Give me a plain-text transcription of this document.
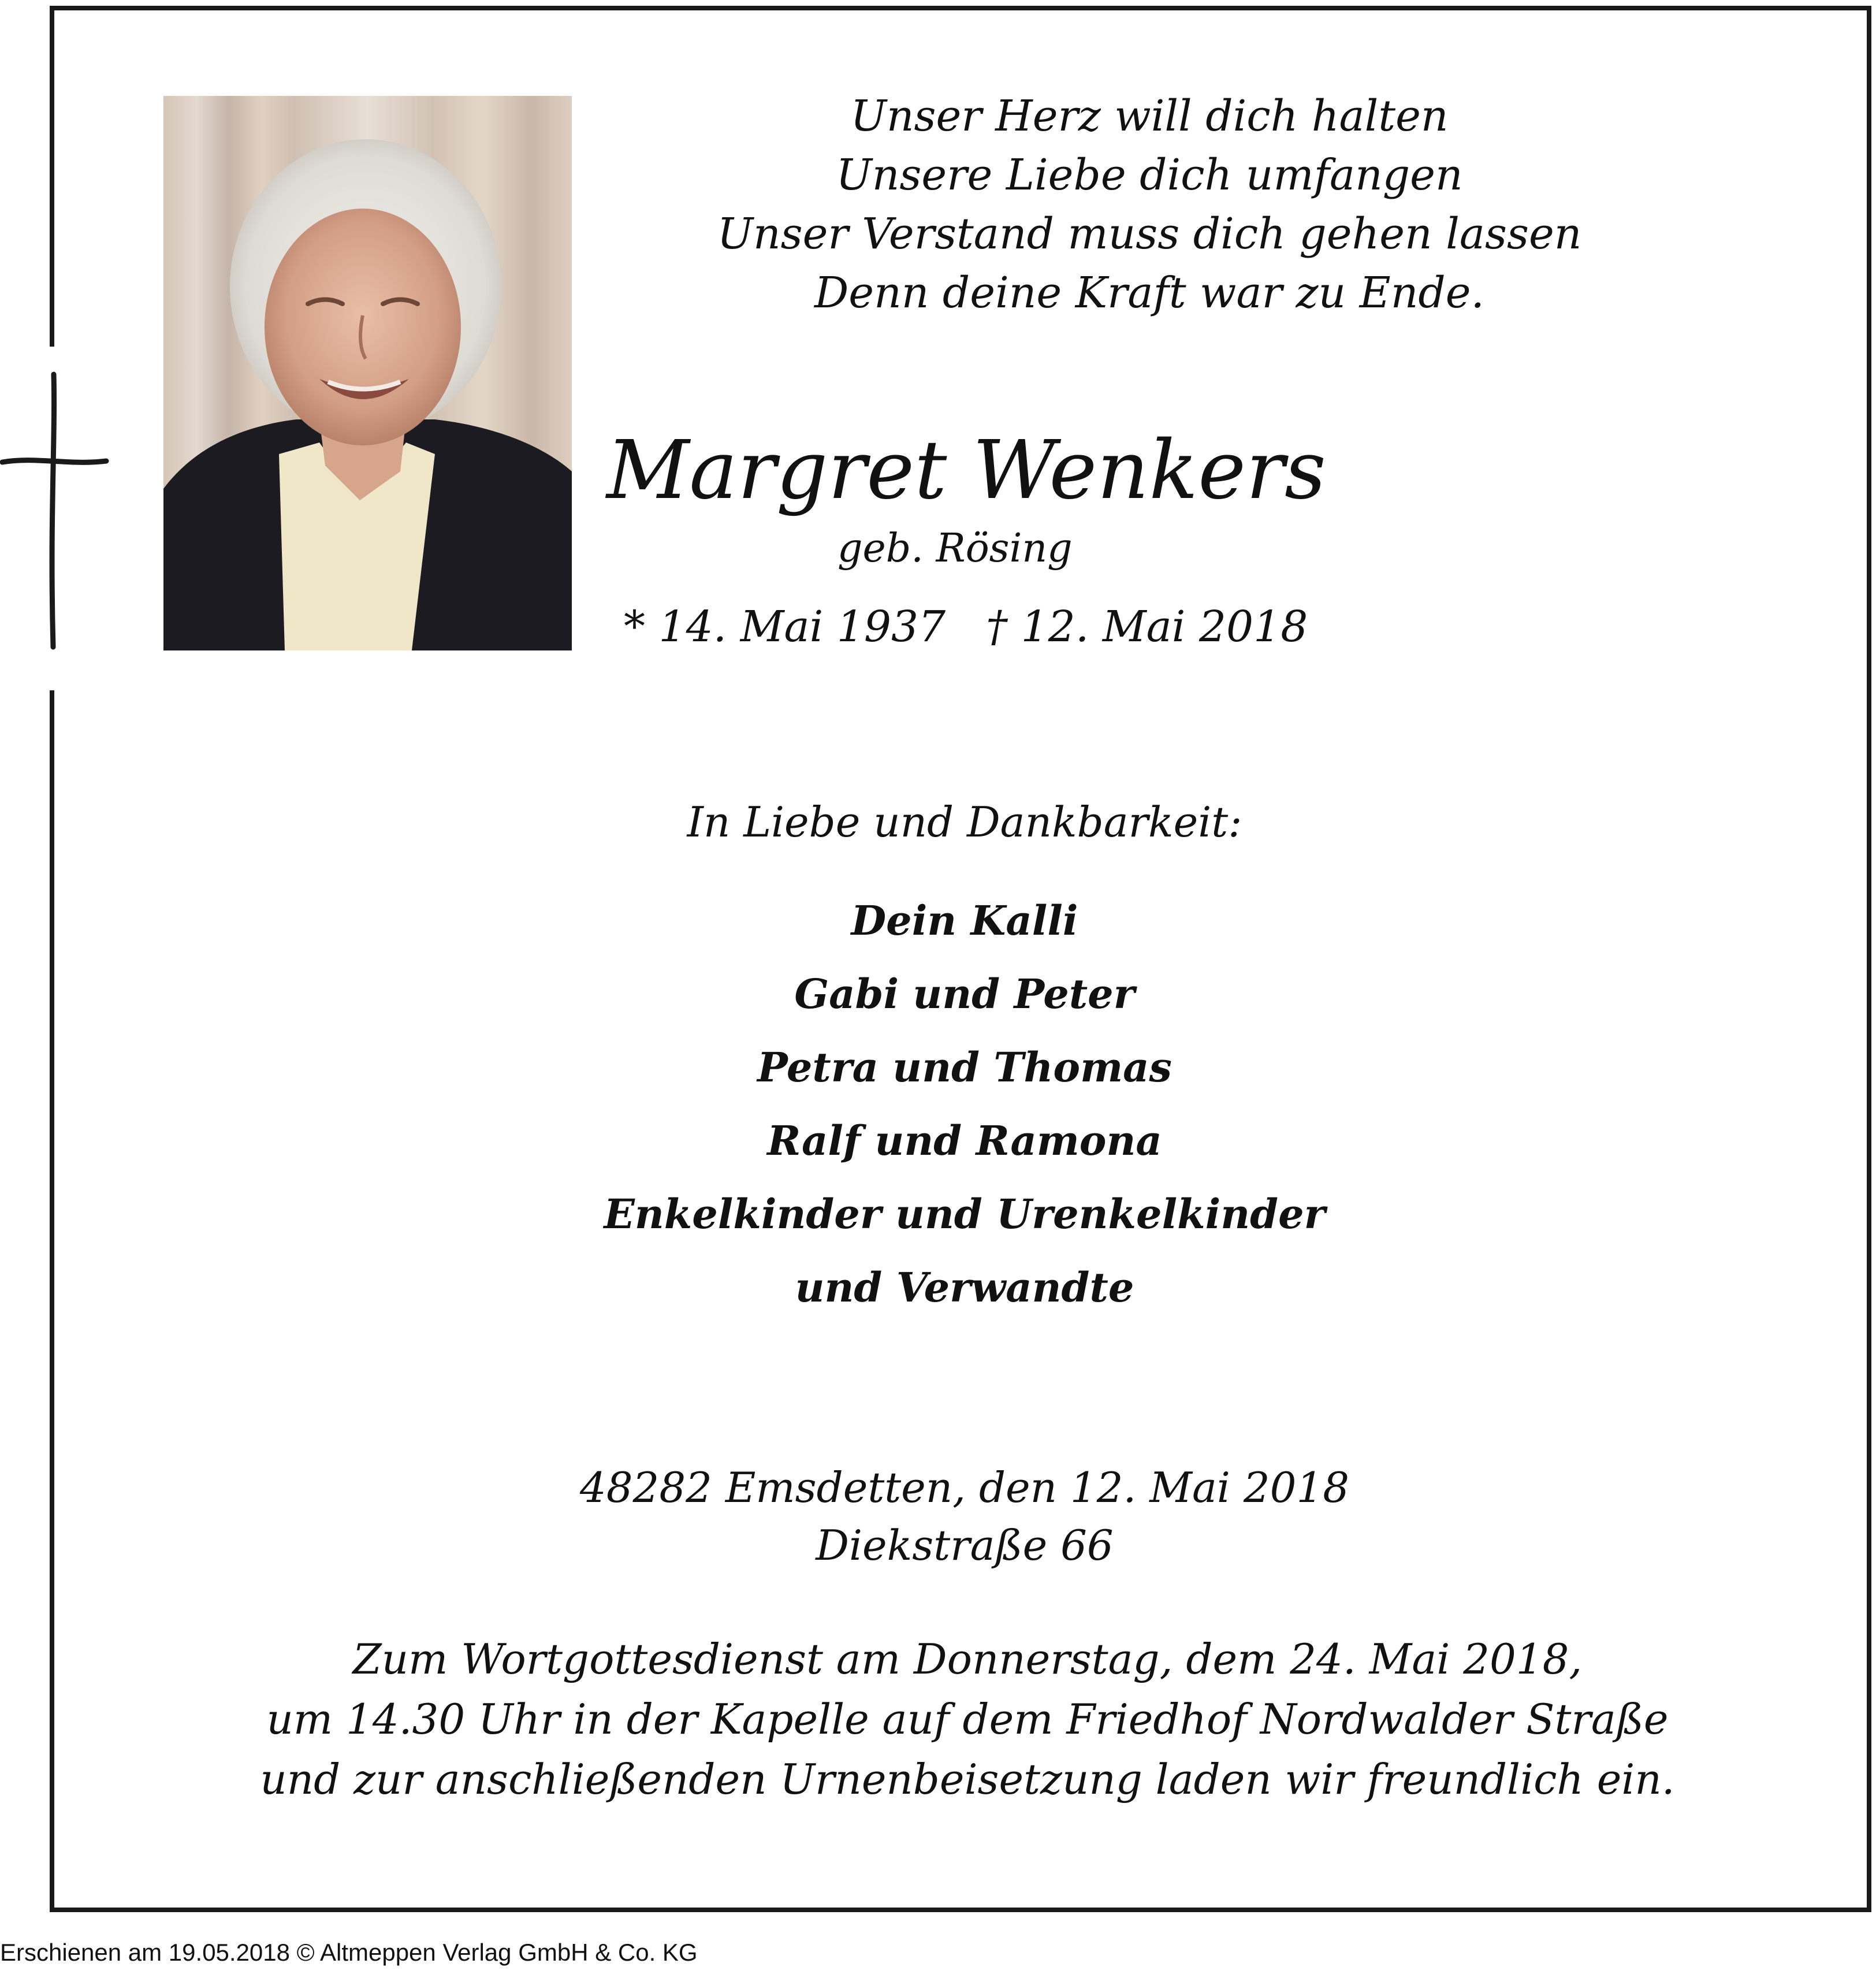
Unser Herz will dich halten
Unsere Liebe dich umfangen
Unser Verstand muss dich gehen lassen
Denn deine Kraft war zu Ende.
Margret Wenkers
geb. Rösing
* 14. Mai 1937 † 12. Mai 2018
In Liebe und Dankbarkeit:
Dein Kalli
Gabi und Peter
Petra und Thomas
Ralf und Ramona
Enkelkinder und Urenkelkinder
und Verwandte
48282 Emsdetten, den 12. Mai 2018
Diekstraße 66
Zum Wortgottesdienst am Donnerstag, dem 24. Mai 2018,
um 14.30 Uhr in der Kapelle auf dem Friedhof Nordwalder Straße
und zur anschließenden Urnenbeisetzung laden wir freundlich ein.
Erschienen am 19.05.2018 © Altmeppen Verlag GmbH & Co. KG
